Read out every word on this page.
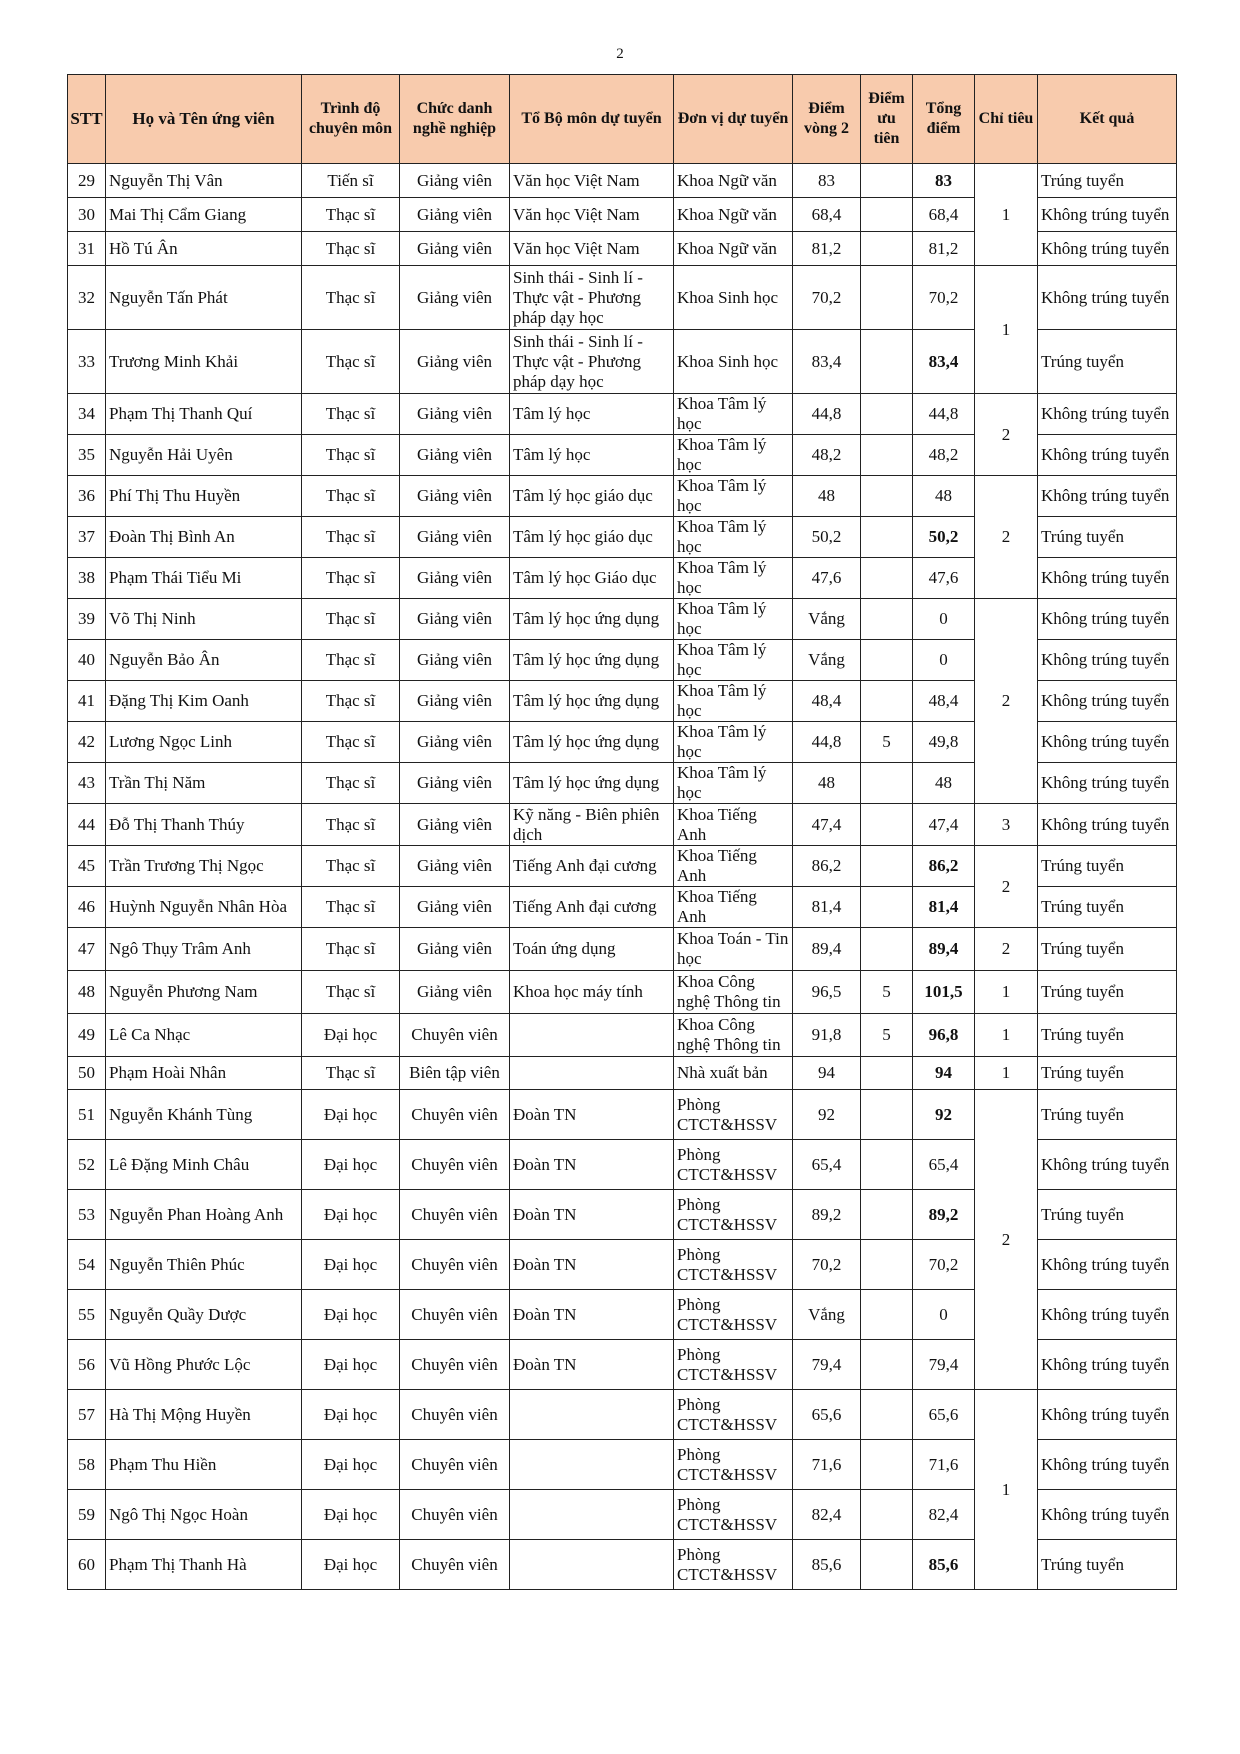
2
STT	Họ và Tên ứng viên	Trình độ chuyên môn	Chức danh nghề nghiệp	Tổ Bộ môn dự tuyển	Đơn vị dự tuyển	Điểm vòng 2	Điểm ưu tiên	Tổng điểm	Chỉ tiêu	Kết quả
29	Nguyễn Thị Vân	Tiến sĩ	Giảng viên	Văn học Việt Nam	Khoa Ngữ văn	83		83	1	Trúng tuyển
30	Mai Thị Cẩm Giang	Thạc sĩ	Giảng viên	Văn học Việt Nam	Khoa Ngữ văn	68,4		68,4		Không trúng tuyển
31	Hồ Tú Ân	Thạc sĩ	Giảng viên	Văn học Việt Nam	Khoa Ngữ văn	81,2		81,2		Không trúng tuyển
32	Nguyễn Tấn Phát	Thạc sĩ	Giảng viên	Sinh thái - Sinh lí - Thực vật - Phương pháp dạy học	Khoa Sinh học	70,2		70,2	1	Không trúng tuyển
33	Trương Minh Khải	Thạc sĩ	Giảng viên	Sinh thái - Sinh lí - Thực vật - Phương pháp dạy học	Khoa Sinh học	83,4		83,4		Trúng tuyển
34	Phạm Thị Thanh Quí	Thạc sĩ	Giảng viên	Tâm lý học	Khoa Tâm lý học	44,8		44,8	2	Không trúng tuyển
35	Nguyễn Hải Uyên	Thạc sĩ	Giảng viên	Tâm lý học	Khoa Tâm lý học	48,2		48,2		Không trúng tuyển
36	Phí Thị Thu Huyền	Thạc sĩ	Giảng viên	Tâm lý học giáo dục	Khoa Tâm lý học	48		48	2	Không trúng tuyển
37	Đoàn Thị Bình An	Thạc sĩ	Giảng viên	Tâm lý học giáo dục	Khoa Tâm lý học	50,2		50,2		Trúng tuyển
38	Phạm Thái Tiểu Mi	Thạc sĩ	Giảng viên	Tâm lý học Giáo dục	Khoa Tâm lý học	47,6		47,6		Không trúng tuyển
39	Võ Thị Ninh	Thạc sĩ	Giảng viên	Tâm lý học ứng dụng	Khoa Tâm lý học	Vắng		0	2	Không trúng tuyển
40	Nguyễn Bảo Ân	Thạc sĩ	Giảng viên	Tâm lý học ứng dụng	Khoa Tâm lý học	Vắng		0		Không trúng tuyển
41	Đặng Thị Kim Oanh	Thạc sĩ	Giảng viên	Tâm lý học ứng dụng	Khoa Tâm lý học	48,4		48,4		Không trúng tuyển
42	Lương Ngọc Linh	Thạc sĩ	Giảng viên	Tâm lý học ứng dụng	Khoa Tâm lý học	44,8	5	49,8		Không trúng tuyển
43	Trần Thị Năm	Thạc sĩ	Giảng viên	Tâm lý học ứng dụng	Khoa Tâm lý học	48		48		Không trúng tuyển
44	Đỗ Thị Thanh Thúy	Thạc sĩ	Giảng viên	Kỹ năng - Biên phiên dịch	Khoa Tiếng Anh	47,4		47,4	3	Không trúng tuyển
45	Trần Trương Thị Ngọc	Thạc sĩ	Giảng viên	Tiếng Anh đại cương	Khoa Tiếng Anh	86,2		86,2	2	Trúng tuyển
46	Huỳnh Nguyễn Nhân Hòa	Thạc sĩ	Giảng viên	Tiếng Anh đại cương	Khoa Tiếng Anh	81,4		81,4		Trúng tuyển
47	Ngô Thụy Trâm Anh	Thạc sĩ	Giảng viên	Toán ứng dụng	Khoa Toán - Tin học	89,4		89,4	2	Trúng tuyển
48	Nguyễn Phương Nam	Thạc sĩ	Giảng viên	Khoa học máy tính	Khoa Công nghệ Thông tin	96,5	5	101,5	1	Trúng tuyển
49	Lê Ca Nhạc	Đại học	Chuyên viên		Khoa Công nghệ Thông tin	91,8	5	96,8	1	Trúng tuyển
50	Phạm Hoài Nhân	Thạc sĩ	Biên tập viên		Nhà xuất bản	94		94	1	Trúng tuyển
51	Nguyễn Khánh Tùng	Đại học	Chuyên viên	Đoàn TN	Phòng CTCT&HSSV	92		92	2	Trúng tuyển
52	Lê Đặng Minh Châu	Đại học	Chuyên viên	Đoàn TN	Phòng CTCT&HSSV	65,4		65,4		Không trúng tuyển
53	Nguyễn Phan Hoàng Anh	Đại học	Chuyên viên	Đoàn TN	Phòng CTCT&HSSV	89,2		89,2		Trúng tuyển
54	Nguyễn Thiên Phúc	Đại học	Chuyên viên	Đoàn TN	Phòng CTCT&HSSV	70,2		70,2		Không trúng tuyển
55	Nguyễn Quầy Dược	Đại học	Chuyên viên	Đoàn TN	Phòng CTCT&HSSV	Vắng		0		Không trúng tuyển
56	Vũ Hồng Phước Lộc	Đại học	Chuyên viên	Đoàn TN	Phòng CTCT&HSSV	79,4		79,4		Không trúng tuyển
57	Hà Thị Mộng Huyền	Đại học	Chuyên viên		Phòng CTCT&HSSV	65,6		65,6	1	Không trúng tuyển
58	Phạm Thu Hiền	Đại học	Chuyên viên		Phòng CTCT&HSSV	71,6		71,6		Không trúng tuyển
59	Ngô Thị Ngọc Hoàn	Đại học	Chuyên viên		Phòng CTCT&HSSV	82,4		82,4		Không trúng tuyển
60	Phạm Thị Thanh Hà	Đại học	Chuyên viên		Phòng CTCT&HSSV	85,6		85,6		Trúng tuyển
